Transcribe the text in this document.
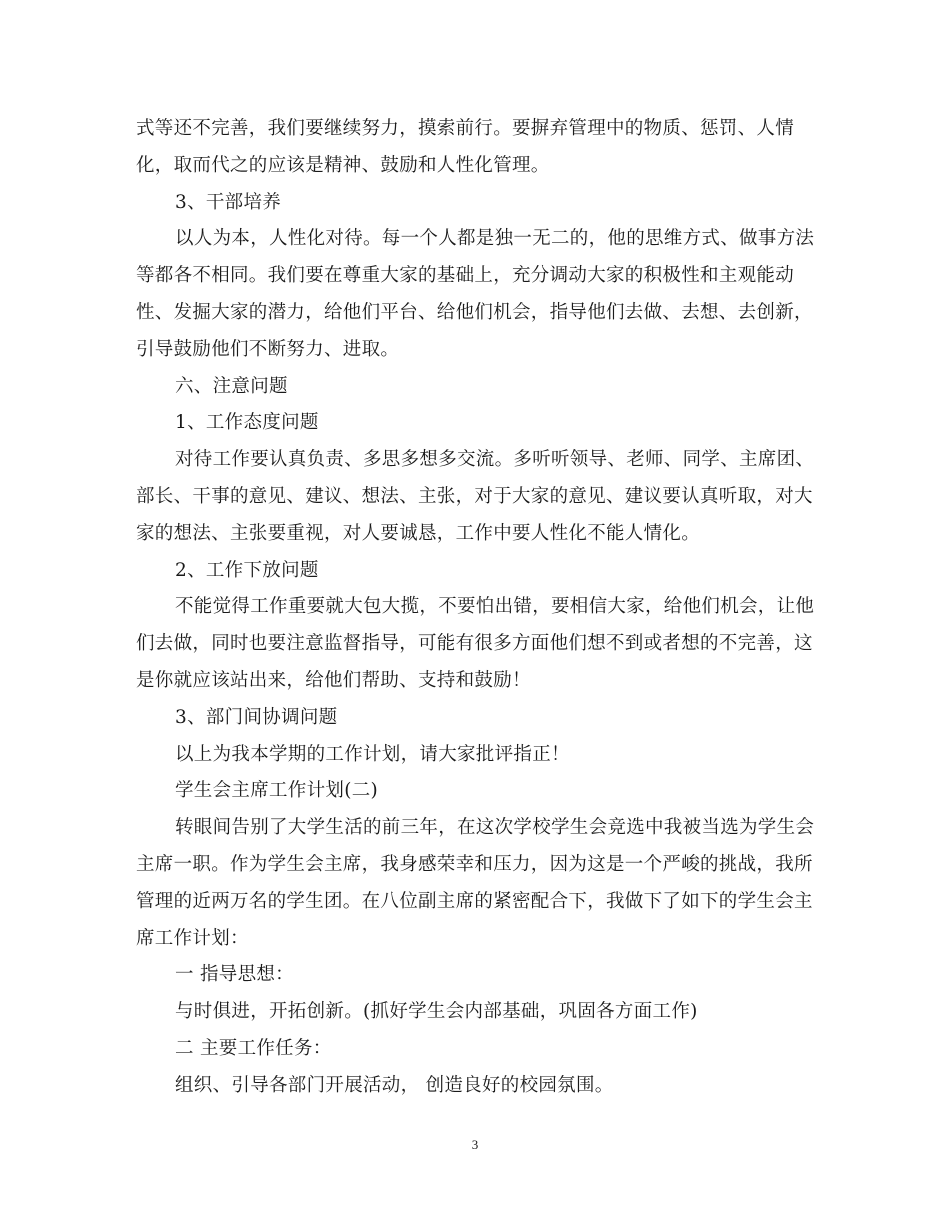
式等还不完善，我们要继续努力，摸索前行。要摒弃管理中的物质、惩罚、人情
化，取而代之的应该是精神、鼓励和人性化管理。
3、干部培养
以人为本，人性化对待。每一个人都是独一无二的，他的思维方式、做事方法
等都各不相同。我们要在尊重大家的基础上，充分调动大家的积极性和主观能动
性、发掘大家的潜力，给他们平台、给他们机会，指导他们去做、去想、去创新，
引导鼓励他们不断努力、进取。
六、注意问题
1、工作态度问题
对待工作要认真负责、多思多想多交流。多听听领导、老师、同学、主席团、
部长、干事的意见、建议、想法、主张，对于大家的意见、建议要认真听取，对大
家的想法、主张要重视，对人要诚恳，工作中要人性化不能人情化。
2、工作下放问题
不能觉得工作重要就大包大揽，不要怕出错，要相信大家，给他们机会，让他
们去做，同时也要注意监督指导，可能有很多方面他们想不到或者想的不完善，这
是你就应该站出来，给他们帮助、支持和鼓励！
3、部门间协调问题
以上为我本学期的工作计划，请大家批评指正！
学生会主席工作计划(二)
转眼间告别了大学生活的前三年，在这次学校学生会竞选中我被当选为学生会
主席一职。作为学生会主席，我身感荣幸和压力，因为这是一个严峻的挑战，我所
管理的近两万名的学生团。在八位副主席的紧密配合下，我做下了如下的学生会主
席工作计划：
一 指导思想：
与时俱进，开拓创新。(抓好学生会内部基础，巩固各方面工作)
二 主要工作任务：
组织、引导各部门开展活动， 创造良好的校园氛围。
3
